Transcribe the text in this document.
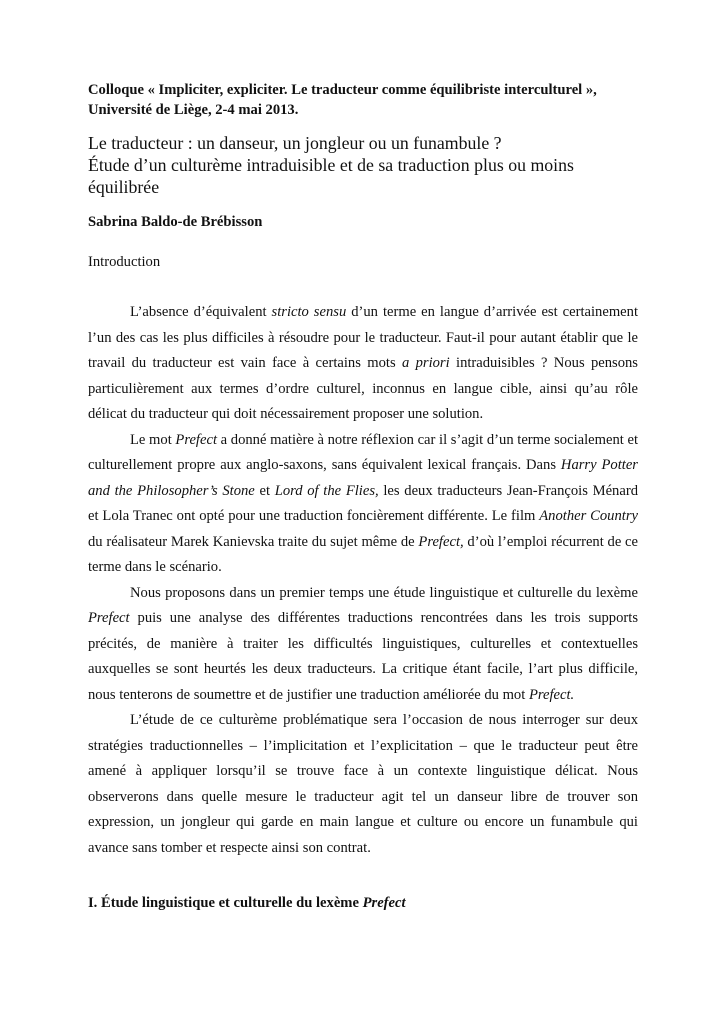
Colloque « Impliciter, expliciter. Le traducteur comme équilibriste interculturel »,
Université de Liège, 2-4 mai 2013.
Le traducteur : un danseur, un jongleur ou un funambule ?
Étude d’un culturème intraduisible et de sa traduction plus ou moins équilibrée
Sabrina Baldo-de Brébisson
Introduction

L’absence d’équivalent stricto sensu d’un terme en langue d’arrivée est certainement l’un des cas les plus difficiles à résoudre pour le traducteur. Faut-il pour autant établir que le travail du traducteur est vain face à certains mots a priori intraduisibles ? Nous pensons particulièrement aux termes d’ordre culturel, inconnus en langue cible, ainsi qu’au rôle délicat du traducteur qui doit nécessairement proposer une solution.

Le mot Prefect a donné matière à notre réflexion car il s’agit d’un terme socialement et culturellement propre aux anglo-saxons, sans équivalent lexical français. Dans Harry Potter and the Philosopher’s Stone et Lord of the Flies, les deux traducteurs Jean-François Ménard et Lola Tranec ont opté pour une traduction foncièrement différente. Le film Another Country du réalisateur Marek Kanievska traite du sujet même de Prefect, d’où l’emploi récurrent de ce terme dans le scénario.

Nous proposons dans un premier temps une étude linguistique et culturelle du lexème Prefect puis une analyse des différentes traductions rencontrées dans les trois supports précités, de manière à traiter les difficultés linguistiques, culturelles et contextuelles auxquelles se sont heurtés les deux traducteurs. La critique étant facile, l’art plus difficile, nous tenterons de soumettre et de justifier une traduction améliorée du mot Prefect.

L’étude de ce culturème problématique sera l’occasion de nous interroger sur deux stratégies traductionnelles – l’implicitation et l’explicitation – que le traducteur peut être amené à appliquer lorsqu’il se trouve face à un contexte linguistique délicat. Nous observerons dans quelle mesure le traducteur agit tel un danseur libre de trouver son expression, un jongleur qui garde en main langue et culture ou encore un funambule qui avance sans tomber et respecte ainsi son contrat.

I. Étude linguistique et culturelle du lexème Prefect
